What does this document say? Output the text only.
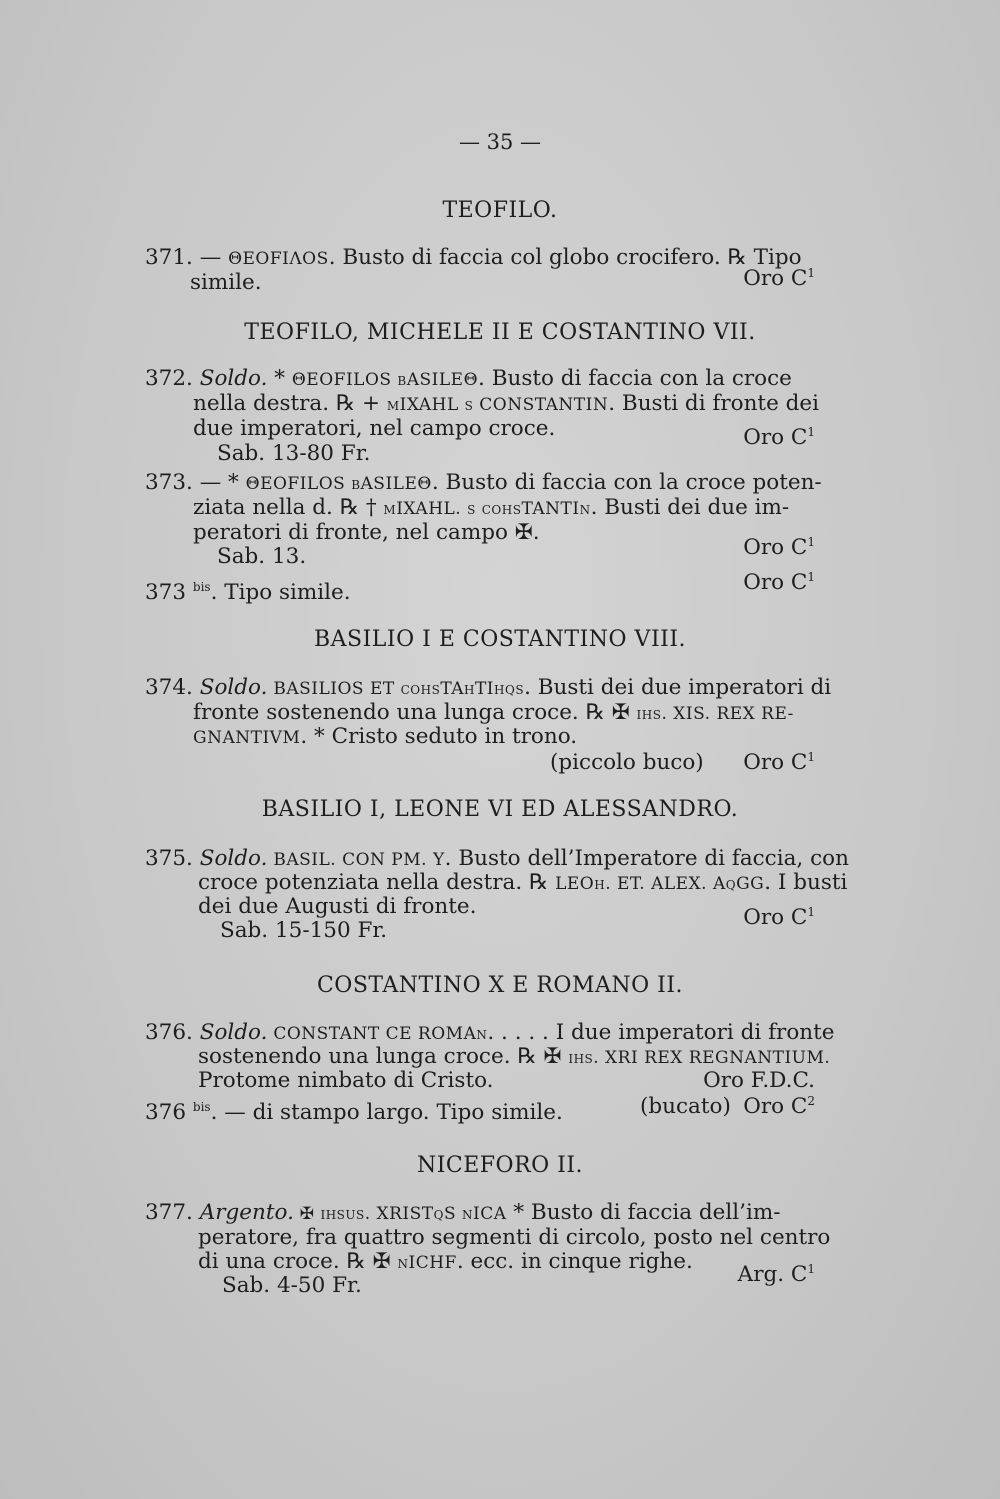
— 35 —
TEOFILO.
371. — ΘΕΟFIΛΟS. Busto di faccia col globo crocifero. ℞ Tipo
simile.	Oro $C^1$
TEOFILO, MICHELE II E COSTANTINO VII.
372. Soldo. * ΘΕΟFILOS bASILEΘ. Busto di faccia con la croce
nella destra. ℞ + mIXAHL s CONSTANTIN. Busti di fronte dei
due imperatori, nel campo croce.
Sab. 13-80 Fr.
Oro $C^1$
373. — * ΘΕΟFILOS bASILEΘ. Busto di faccia con la croce poten-
ziata nella d. ℞ † mIXAHL. s cohsTANTIn. Busti dei due im-
peratori di fronte, nel campo ✠.
Sab. 13.	Oro $C^1$
373 $^{bis}$. Tipo simile.	Oro $C^1$
BASILIO I E COSTANTINO VIII.
374. Soldo. BASILIOS ET cohsTAhTIhqs. Busti dei due imperatori di
fronte sostenendo una lunga croce. ℞ ✠ ihs. XIS. REX RE-
GNANTIVM. * Cristo seduto in trono.
(piccolo buco) Oro $C^1$
BASILIO I, LEONE VI ED ALESSANDRO.
375. Soldo. BASIL. CON PM. Y. Busto dell’Imperatore di faccia, con
croce potenziata nella destra. ℞ LEOh. ET. ALEX. AqGG. I busti
dei due Augusti di fronte.
Sab. 15-150 Fr.
Oro $C^1$
COSTANTINO X E ROMANO II.
376. Soldo. CONSTANT CE ROMAn. . . . . I due imperatori di fronte
sostenendo una lunga croce. ℞ ✠ ihs. XRI REX REGNANTIUM.
Protome nimbato di Cristo.	Oro F.D.C.
376 $^{bis}$. — di stampo largo. Tipo simile.	(bucato) Oro $C^2$
NICEFORO II.
377. Argento. ✠ ihsus. XRISTqS nICA * Busto di faccia dell’im-
peratore, fra quattro segmenti di circolo, posto nel centro
di una croce. ℞ ✠ nICHF. ecc. in cinque righe.
Sab. 4-50 Fr.	Arg. $C^1$
